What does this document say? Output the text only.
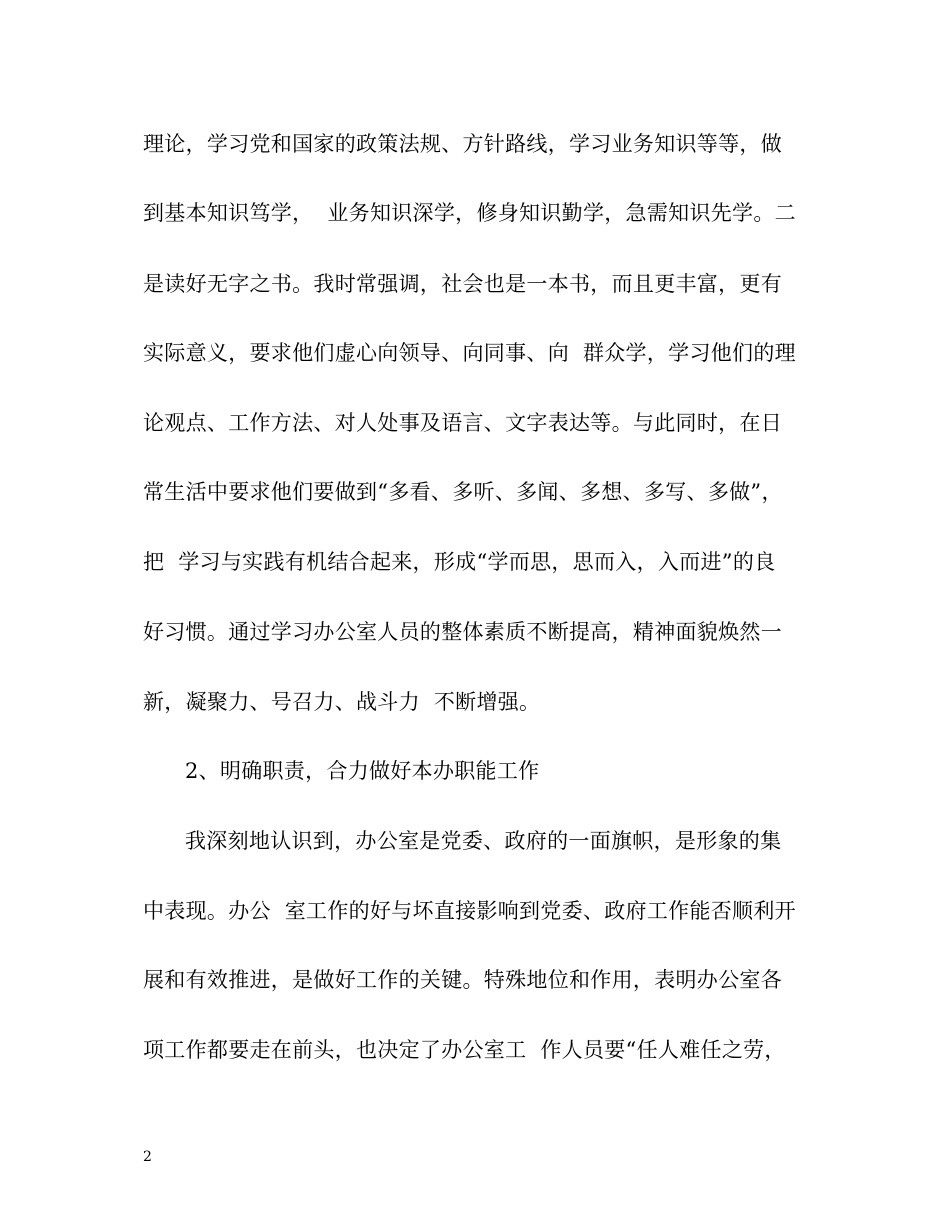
理论，学习党和国家的政策法规、方针路线，学习业务知识等等，做
到基本知识笃学，  业务知识深学，修身知识勤学，急需知识先学。二
是读好无字之书。我时常强调，社会也是一本书，而且更丰富，更有
实际意义，要求他们虚心向领导、向同事、向  群众学，学习他们的理
论观点、工作方法、对人处事及语言、文字表达等。与此同时，在日
常生活中要求他们要做到“多看、多听、多闻、多想、多写、多做”，
把  学习与实践有机结合起来，形成“学而思，思而入，入而进”的良
好习惯。通过学习办公室人员的整体素质不断提高，精神面貌焕然一
新，凝聚力、号召力、战斗力  不断增强。
2、明确职责，合力做好本办职能工作
我深刻地认识到，办公室是党委、政府的一面旗帜，是形象的集
中表现。办公  室工作的好与坏直接影响到党委、政府工作能否顺利开
展和有效推进，是做好工作的关键。特殊地位和作用，表明办公室各
项工作都要走在前头，也决定了办公室工  作人员要“任人难任之劳，
2
